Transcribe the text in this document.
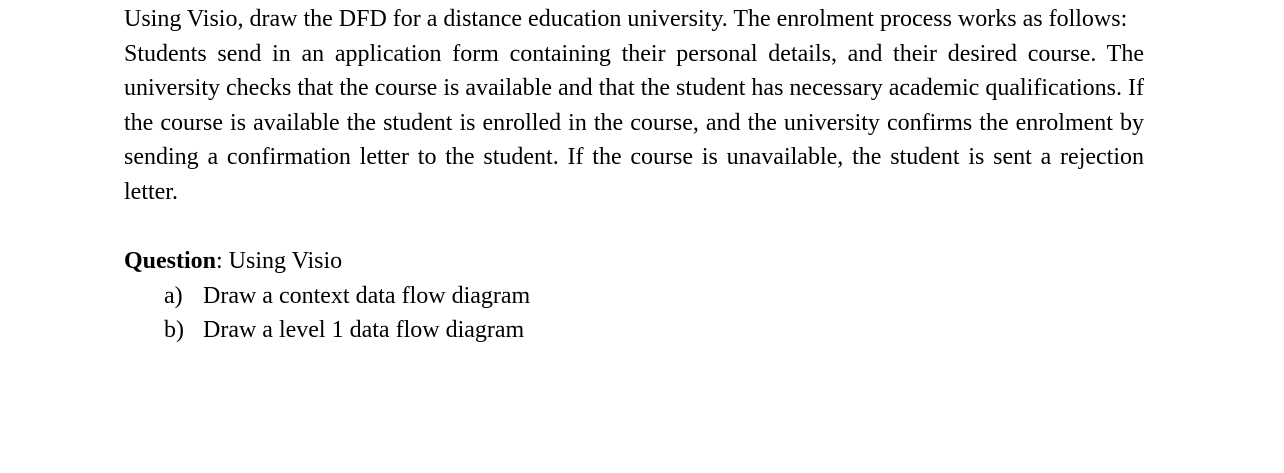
Using Visio, draw the DFD for a distance education university. The enrolment process works as follows:

Students send in an application form containing their personal details, and their desired course. The university checks that the course is available and that the student has necessary academic qualifications. If the course is available the student is enrolled in the course, and the university confirms the enrolment by sending a confirmation letter to the student. If the course is unavailable, the student is sent a rejection letter.

Question: Using Visio

a) Draw a context data flow diagram
b) Draw a level 1 data flow diagram
